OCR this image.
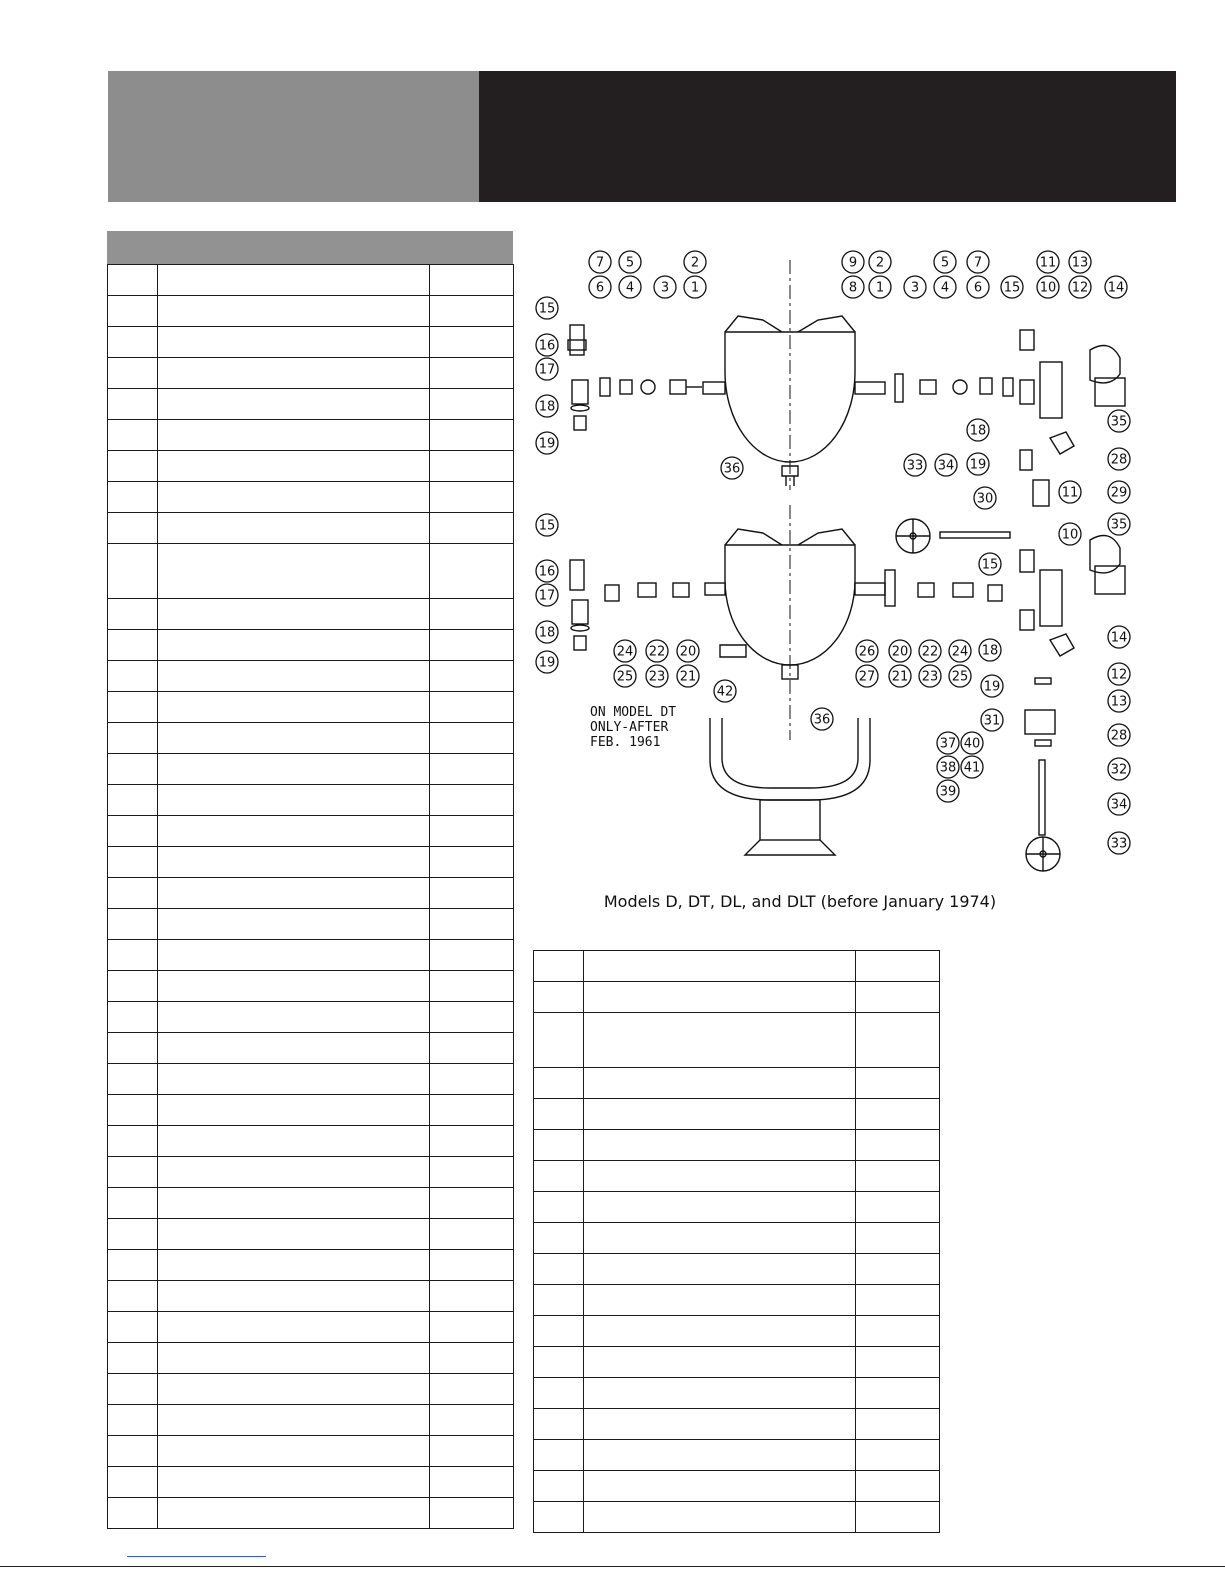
1
2
3
4
5
6
7
8
9
1
2
3 4
5
6
7
15 10
11
12
13
14
15
16
17
18
19
36
18
19
33 34
30	29
28
35
15
16
17
18
19
24
25
22
23
20
21
42
36
26
27
20
21
22
23
24
25
15
18
19
11
10
35
14
12
13
28
31
32
34
33
37 40
38 41
39
ON MODEL DT
ONLY-AFTER
FEB. 1961
Models D, DT, DL, and DLT (before January 1974)
